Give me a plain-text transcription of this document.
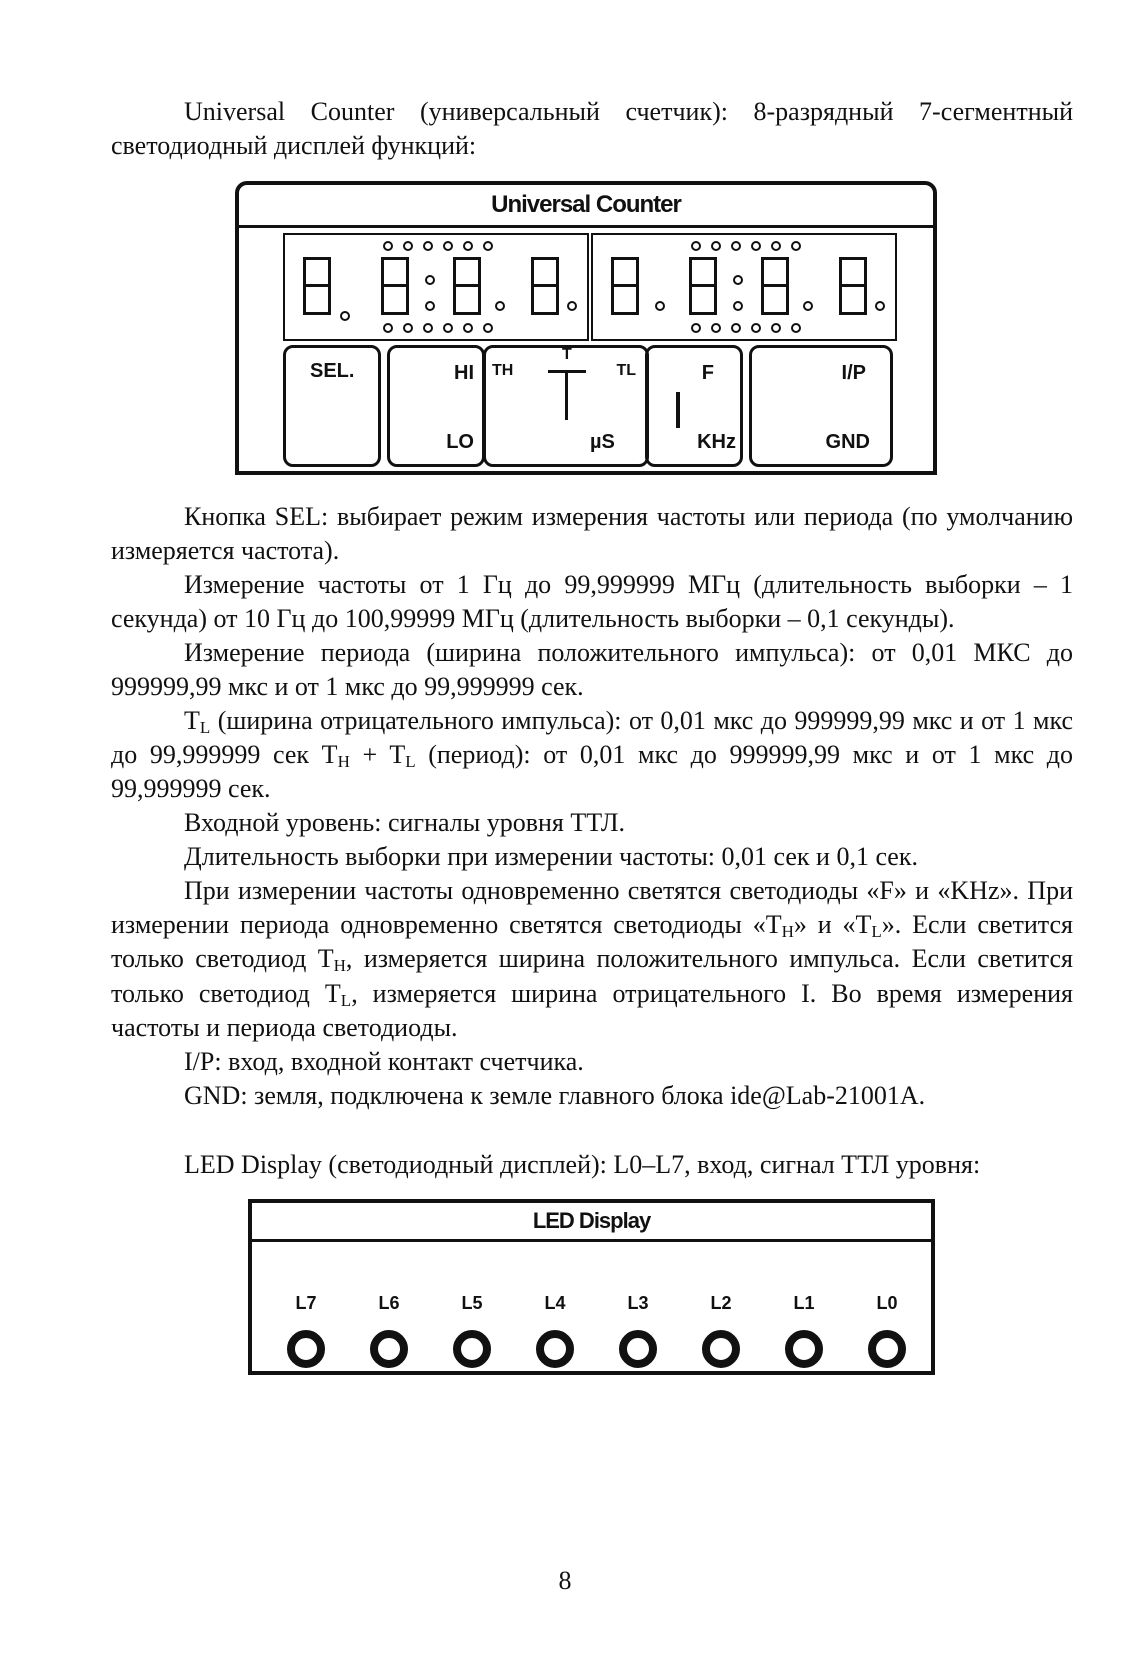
Universal Counter (универсальный счетчик): 8-разрядный 7-сегментный светодиодный дисплей функций:

Universal Counter
SEL.	HI
LO
TH
T
TL
µS
F
KHz
I/P
GND

Кнопка SEL: выбирает режим измерения частоты или периода (по умолчанию измеряется частота).

Измерение частоты от 1 Гц до 99,999999 МГц (длительность выборки – 1 секунда) от 10 Гц до 100,99999 МГц (длительность выборки – 0,1 секунды).

Измерение периода (ширина положительного импульса): от 0,01 МКС до 999999,99 мкс и от 1 мкс до 99,999999 сек.

$T_L$ (ширина отрицательного импульса): от 0,01 мкс до 999999,99 мкс и от 1 мкс до 99,999999 сек $T_H + T_L$ (период): от 0,01 мкс до 999999,99 мкс и от 1 мкс до 99,999999 сек.

Входной уровень: сигналы уровня ТТЛ.

Длительность выборки при измерении частоты: 0,01 сек и 0,1 сек.

При измерении частоты одновременно светятся светодиоды «F» и «KHz». При измерении периода одновременно светятся светодиоды «$T_H$» и «$T_L$». Если светится только светодиод $T_H$, измеряется ширина положительного импульса. Если светится только светодиод $T_L$, измеряется ширина отрицательного I. Во время измерения частоты и периода светодиоды.

I/P: вход, входной контакт счетчика.

GND: земля, подключена к земле главного блока ide@Lab-21001A.

LED Display (светодиодный дисплей): L0–L7, вход, сигнал ТТЛ уровня:

LED Display
L7	L6	L5	L4	L3	L2	L1	L0
8
